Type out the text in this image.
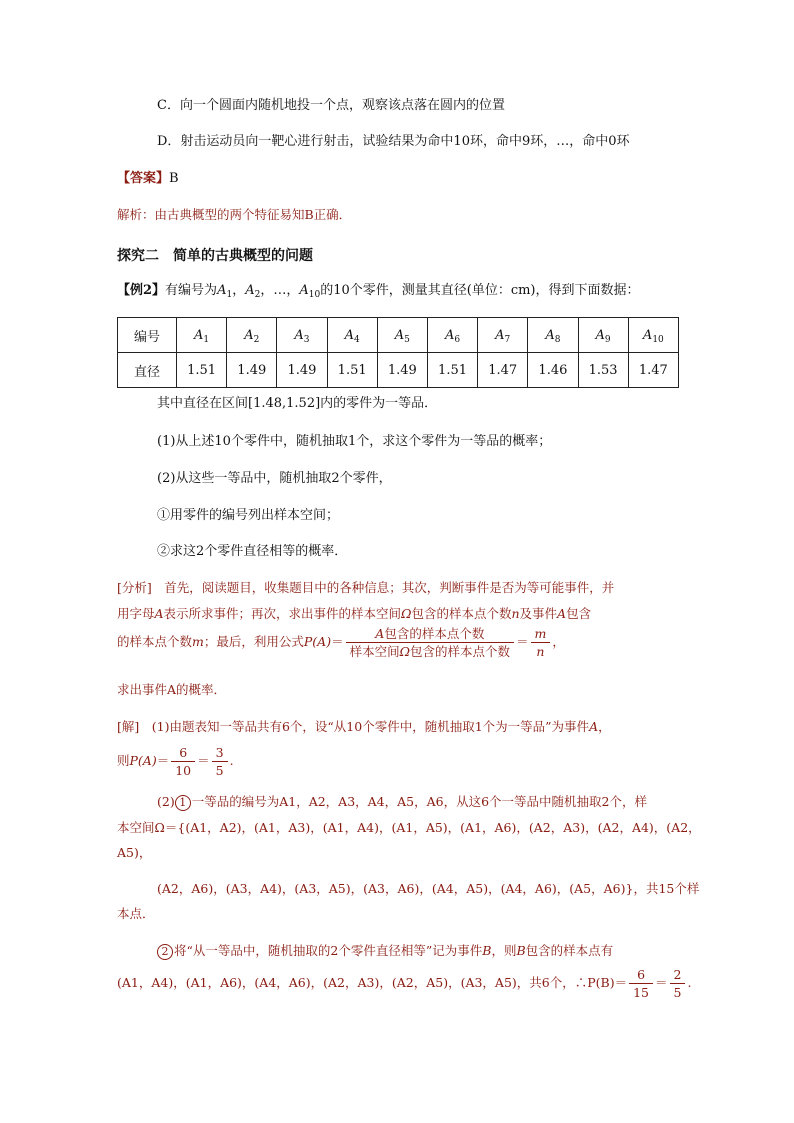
C．向一个圆面内随机地投一个点，观察该点落在圆内的位置
D．射击运动员向一靶心进行射击，试验结果为命中10环，命中9环，…，命中0环
【答案】B
解析：由古典概型的两个特征易知B正确．
探究二　简单的古典概型的问题
【例2】有编号为$A_1$，$A_2$，…，$A_{10}$的10个零件，测量其直径(单位：cm)，得到下面数据：
编号	$A_1$	$A_2$	$A_3$	$A_4$	$A_5$	$A_6$	$A_7$	$A_8$	$A_9$	$A_{10}$
直径	1.51	1.49	1.49	1.51	1.49	1.51	1.47	1.46	1.53	1.47
其中直径在区间[1.48,1.52]内的零件为一等品．
(1)从上述10个零件中，随机抽取1个，求这个零件为一等品的概率；
(2)从这些一等品中，随机抽取2个零件，
①用零件的编号列出样本空间；
②求这2个零件直径相等的概率．
[分析]　首先，阅读题目，收集题目中的各种信息；其次，判断事件是否为等可能事件，并
用字母A表示所求事件；再次，求出事件的样本空间Ω包含的样本点个数n及事件A包含
的样本点个数m；最后，利用公式$P(A)= \frac{\text{A包含的样本点个数}}{\text{样本空间Ω包含的样本点个数}} = \frac{m}{n}$ ，
求出事件A的概率．
[解]　(1)由题表知一等品共有6个，设“从10个零件中，随机抽取1个为一等品”为事件A，
则$P(A)= \frac{6}{10} = \frac{3}{5}$ .
(2) 1 一等品的编号为A1，A2，A3，A4，A5，A6，从这6个一等品中随机抽取2个，样
本空间Ω＝{(A1，A2)，(A1，A3)，(A1，A4)，(A1，A5)，(A1，A6)，(A2，A3)，(A2，A4)，(A2，
A5)，
(A2，A6)，(A3，A4)，(A3，A5)，(A3，A6)，(A4，A5)，(A4，A6)，(A5，A6)}，共15个样
本点．
2 将“从一等品中，随机抽取的2个零件直径相等”记为事件B，则B包含的样本点有
(A1，A4)，(A1，A6)，(A4，A6)，(A2，A3)，(A2，A5)，(A3，A5)，共6个，∴P(B)＝ $\frac{6}{15} = \frac{2}{5}$ .
